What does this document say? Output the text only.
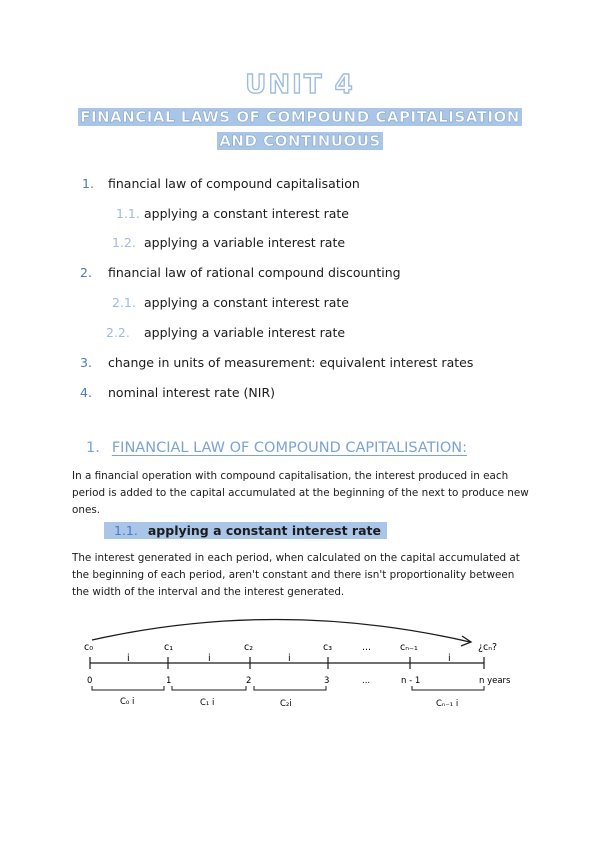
UNIT 4
FINANCIAL LAWS OF COMPOUND CAPITALISATION
AND CONTINUOUS
1. financial law of compound capitalisation
1.1. applying a constant interest rate
1.2. applying a variable interest rate
2. financial law of rational compound discounting
2.1. applying a constant interest rate
2.2. applying a variable interest rate
3. change in units of measurement: equivalent interest rates
4. nominal interest rate (NIR)
1. FINANCIAL LAW OF COMPOUND CAPITALISATION:
In a financial operation with compound capitalisation, the interest produced in each period is added to the capital accumulated at the beginning of the next to produce new ones.
1.1. applying a constant interest rate
The interest generated in each period, when calculated on the capital accumulated at the beginning of each period, aren't constant and there isn't proportionality between the width of the interval and the interest generated.
c₀	c₁	c₂	c₃	...	cₙ₋₁	¿cₙ?
i	i	i	i
0	1	2	3	...	n - 1	n years
C₀ i	C₁ i	C₂i	Cₙ₋₁ i
